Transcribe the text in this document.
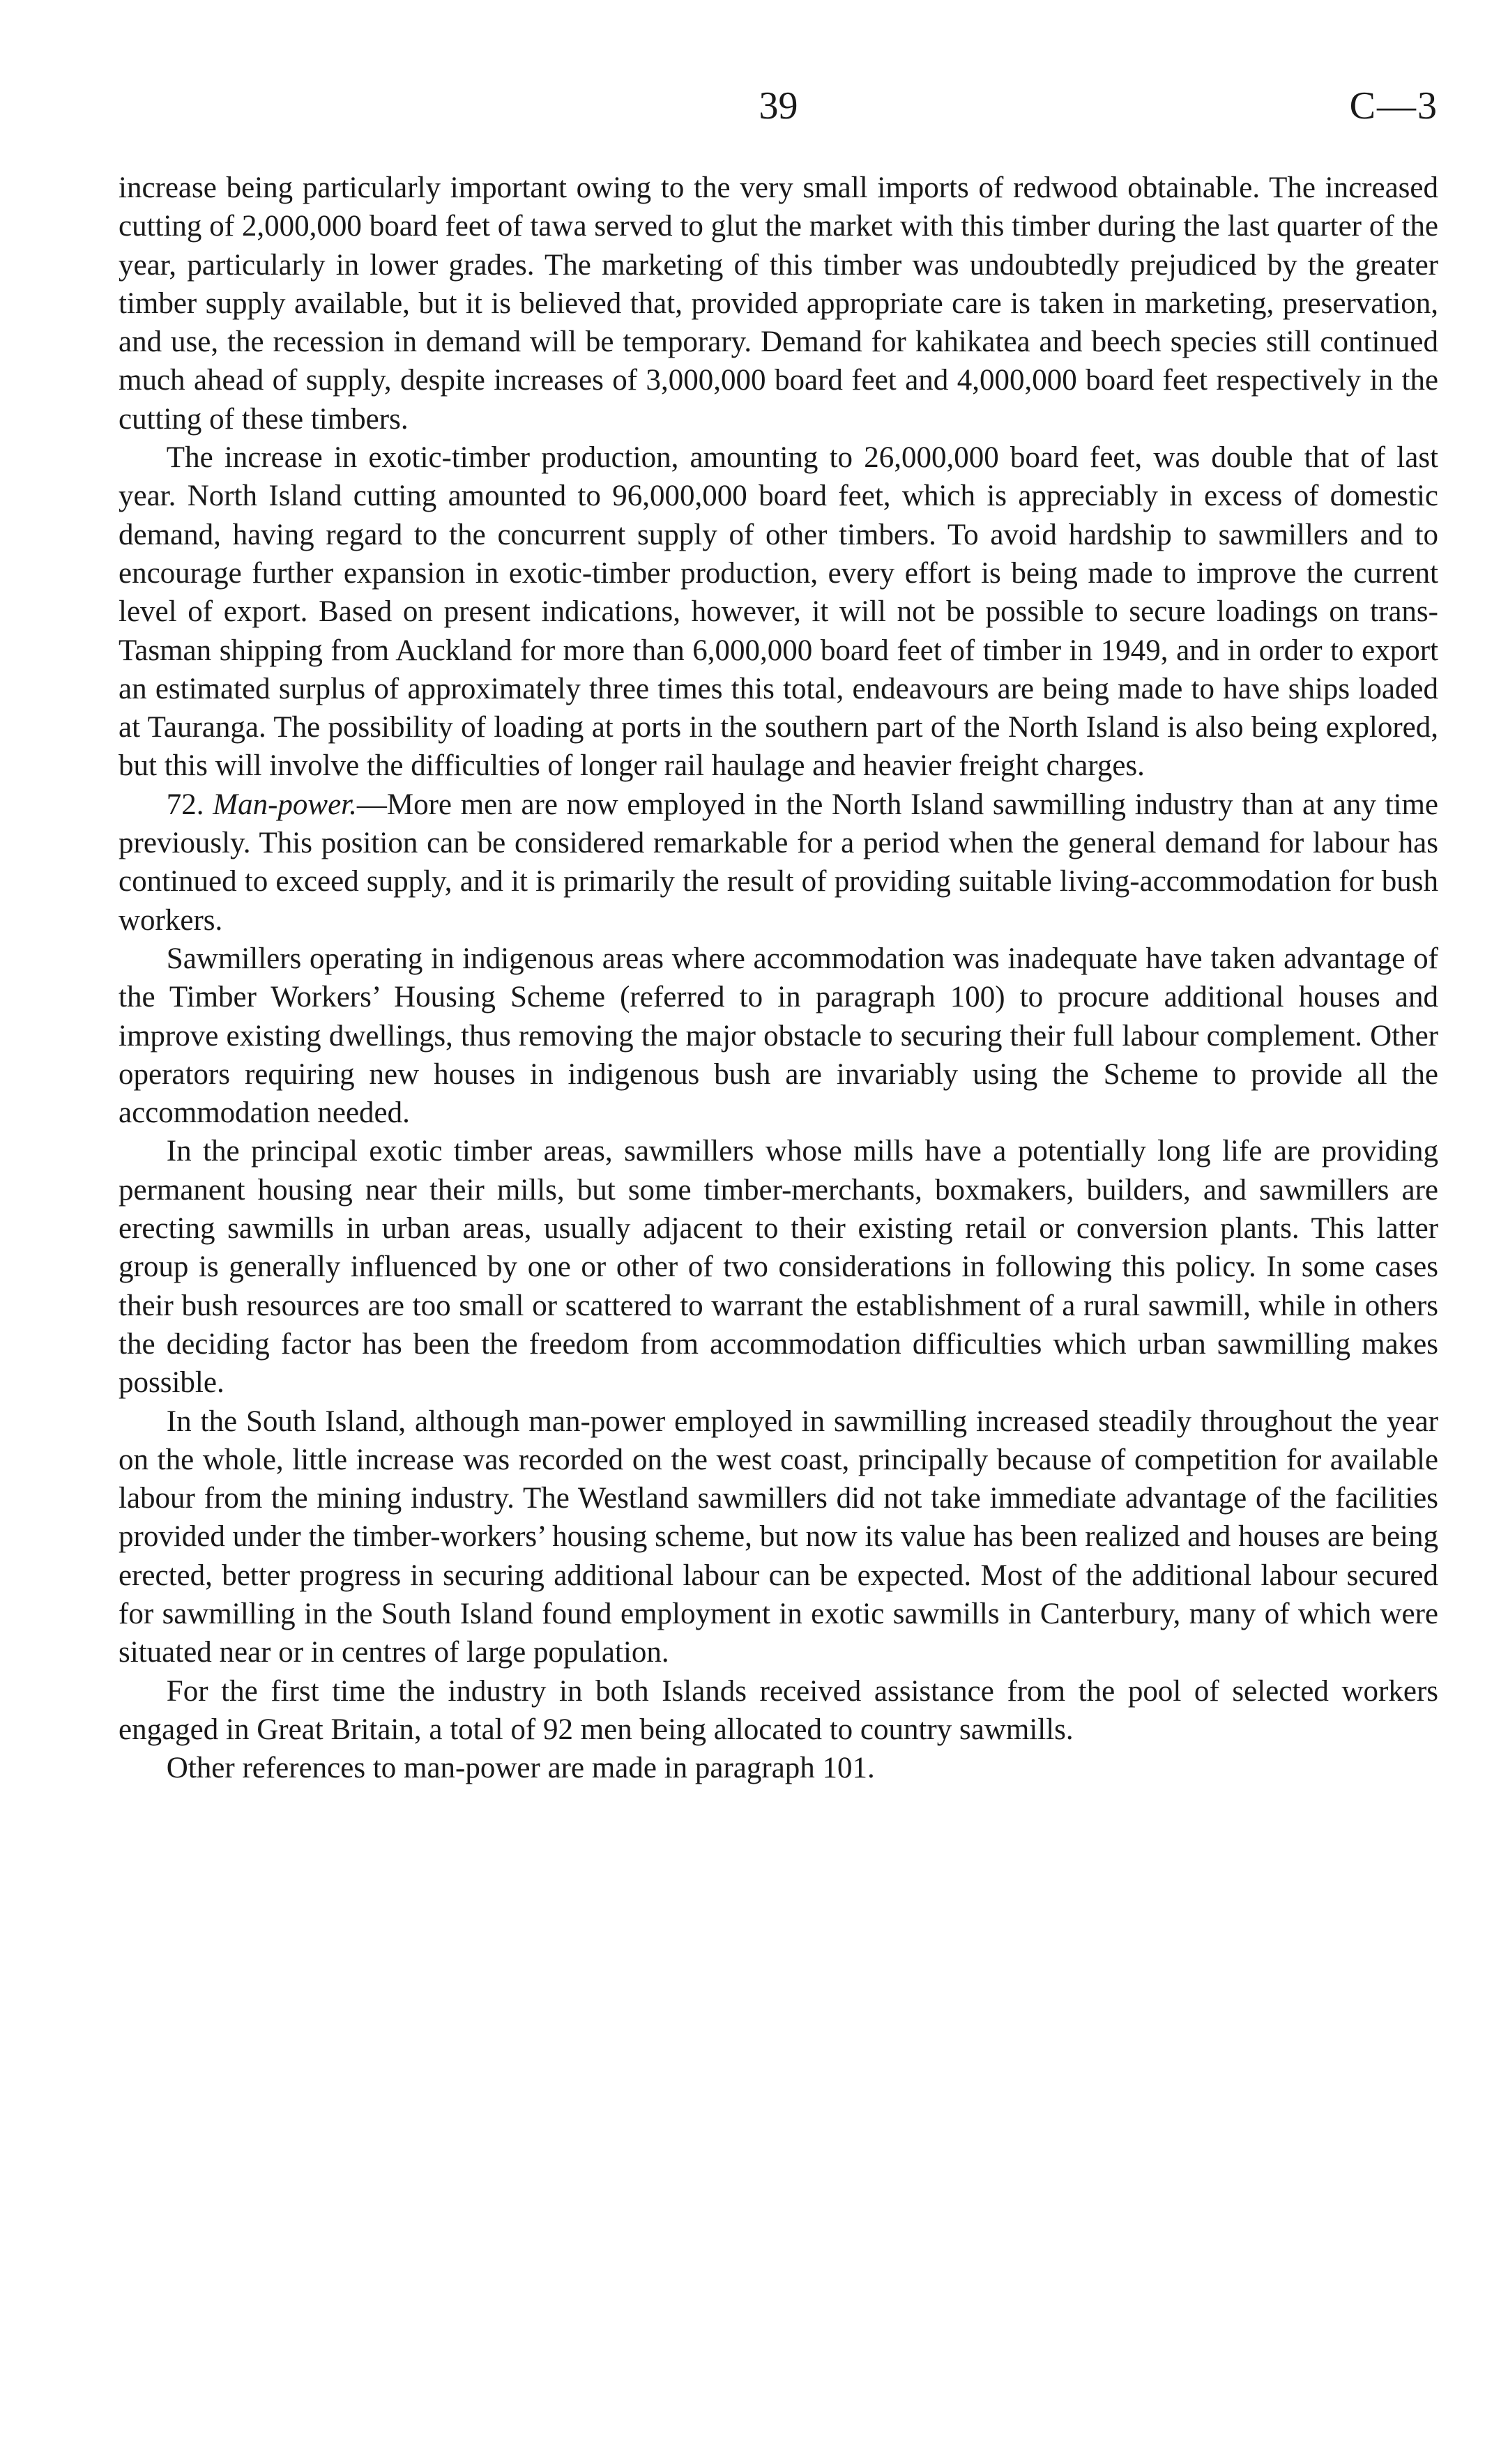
39	C—3

increase being particularly important owing to the very small imports of redwood obtainable. The increased cutting of 2,000,000 board feet of tawa served to glut the market with this timber during the last quarter of the year, particularly in lower grades. The marketing of this timber was undoubtedly prejudiced by the greater timber supply available, but it is believed that, provided appropriate care is taken in marketing, preservation, and use, the recession in demand will be temporary. Demand for kahikatea and beech species still continued much ahead of supply, despite increases of 3,000,000 board feet and 4,000,000 board feet respectively in the cutting of these timbers.

The increase in exotic-timber production, amounting to 26,000,000 board feet, was double that of last year. North Island cutting amounted to 96,000,000 board feet, which is appreciably in excess of domestic demand, having regard to the concurrent supply of other timbers. To avoid hardship to sawmillers and to encourage further expansion in exotic-timber production, every effort is being made to improve the current level of export. Based on present indications, however, it will not be possible to secure loadings on trans-Tasman shipping from Auckland for more than 6,000,000 board feet of timber in 1949, and in order to export an estimated surplus of approximately three times this total, endeavours are being made to have ships loaded at Tauranga. The possibility of loading at ports in the southern part of the North Island is also being explored, but this will involve the difficulties of longer rail haulage and heavier freight charges.

72. Man-power.—More men are now employed in the North Island sawmilling industry than at any time previously. This position can be considered remarkable for a period when the general demand for labour has continued to exceed supply, and it is primarily the result of providing suitable living-accommodation for bush workers.

Sawmillers operating in indigenous areas where accommodation was inadequate have taken advantage of the Timber Workers’ Housing Scheme (referred to in paragraph 100) to procure additional houses and improve existing dwellings, thus removing the major obstacle to securing their full labour complement. Other operators requiring new houses in indigenous bush are invariably using the Scheme to provide all the accommodation needed.

In the principal exotic timber areas, sawmillers whose mills have a potentially long life are providing permanent housing near their mills, but some timber-merchants, boxmakers, builders, and sawmillers are erecting sawmills in urban areas, usually adjacent to their existing retail or conversion plants. This latter group is generally influenced by one or other of two considerations in following this policy. In some cases their bush resources are too small or scattered to warrant the establishment of a rural sawmill, while in others the deciding factor has been the freedom from accommodation difficulties which urban sawmilling makes possible.

In the South Island, although man-power employed in sawmilling increased steadily throughout the year on the whole, little increase was recorded on the west coast, principally because of competition for available labour from the mining industry. The Westland sawmillers did not take immediate advantage of the facilities provided under the timber-workers’ housing scheme, but now its value has been realized and houses are being erected, better progress in securing additional labour can be expected. Most of the additional labour secured for sawmilling in the South Island found employment in exotic sawmills in Canterbury, many of which were situated near or in centres of large population.

For the first time the industry in both Islands received assistance from the pool of selected workers engaged in Great Britain, a total of 92 men being allocated to country sawmills.

Other references to man-power are made in paragraph 101.
